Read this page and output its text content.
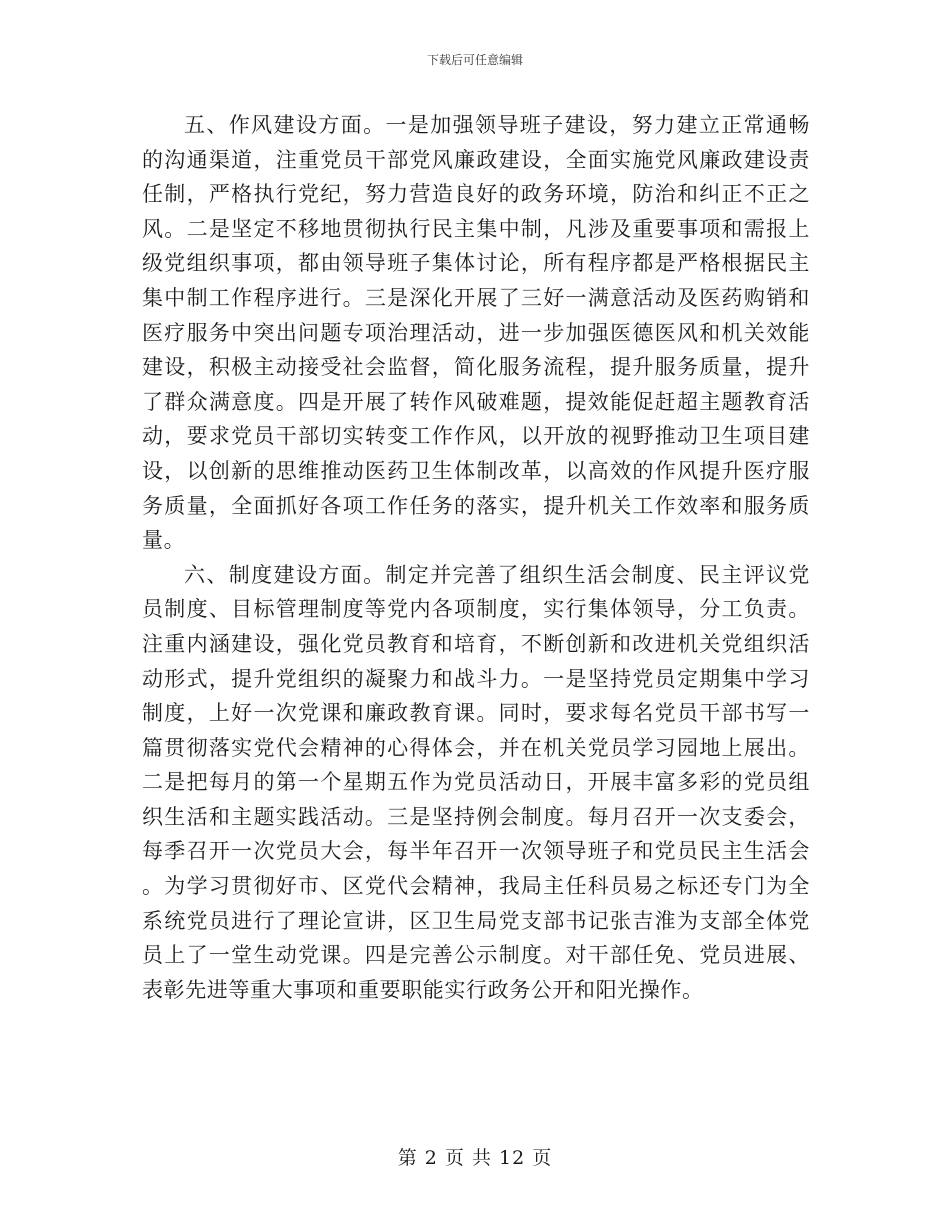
下载后可任意编辑

五、作风建设方面。一是加强领导班子建设，努力建立正常通畅的沟通渠道，注重党员干部党风廉政建设，全面实施党风廉政建设责任制，严格执行党纪，努力营造良好的政务环境，防治和纠正不正之风。二是坚定不移地贯彻执行民主集中制，凡涉及重要事项和需报上级党组织事项，都由领导班子集体讨论，所有程序都是严格根据民主集中制工作程序进行。三是深化开展了三好一满意活动及医药购销和医疗服务中突出问题专项治理活动，进一步加强医德医风和机关效能建设，积极主动接受社会监督，简化服务流程，提升服务质量，提升了群众满意度。四是开展了转作风破难题，提效能促赶超主题教育活动，要求党员干部切实转变工作作风，以开放的视野推动卫生项目建设，以创新的思维推动医药卫生体制改革，以高效的作风提升医疗服务质量，全面抓好各项工作任务的落实，提升机关工作效率和服务质量。

六、制度建设方面。制定并完善了组织生活会制度、民主评议党员制度、目标管理制度等党内各项制度，实行集体领导，分工负责。注重内涵建设，强化党员教育和培育，不断创新和改进机关党组织活动形式，提升党组织的凝聚力和战斗力。一是坚持党员定期集中学习制度，上好一次党课和廉政教育课。同时，要求每名党员干部书写一篇贯彻落实党代会精神的心得体会，并在机关党员学习园地上展出。二是把每月的第一个星期五作为党员活动日，开展丰富多彩的党员组织生活和主题实践活动。三是坚持例会制度。每月召开一次支委会，每季召开一次党员大会，每半年召开一次领导班子和党员民主生活会。为学习贯彻好市、区党代会精神，我局主任科员易之标还专门为全系统党员进行了理论宣讲，区卫生局党支部书记张吉淮为支部全体党员上了一堂生动党课。四是完善公示制度。对干部任免、党员进展、表彰先进等重大事项和重要职能实行政务公开和阳光操作。

第 2 页 共 12 页
